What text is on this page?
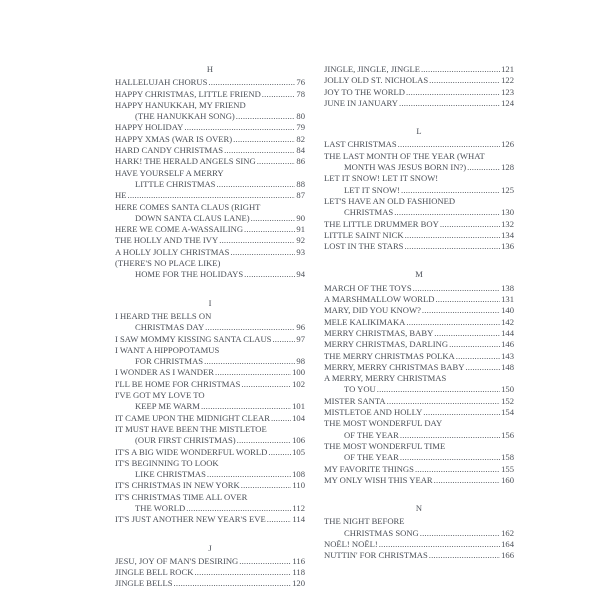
H
HALLELUJAH CHORUS .....	76
HAPPY CHRISTMAS, LITTLE FRIEND .....	78
HAPPY HANUKKAH, MY FRIEND
(THE HANUKKAH SONG) .....	80
HAPPY HOLIDAY .....	79
HAPPY XMAS (WAR IS OVER) .....	82
HARD CANDY CHRISTMAS .....	84
HARK! THE HERALD ANGELS SING .....	86
HAVE YOURSELF A MERRY
LITTLE CHRISTMAS .....	88
HE .....	87
HERE COMES SANTA CLAUS (RIGHT
DOWN SANTA CLAUS LANE) .....	90
HERE WE COME A-WASSAILING .....	91
THE HOLLY AND THE IVY .....	92
A HOLLY JOLLY CHRISTMAS .....	93
(THERE'S NO PLACE LIKE)
HOME FOR THE HOLIDAYS .....	94
I
I HEARD THE BELLS ON
CHRISTMAS DAY .....	96
I SAW MOMMY KISSING SANTA CLAUS .....	97
I WANT A HIPPOPOTAMUS
FOR CHRISTMAS .....	98
I WONDER AS I WANDER .....	100
I'LL BE HOME FOR CHRISTMAS .....	102
I'VE GOT MY LOVE TO
KEEP ME WARM .....	101
IT CAME UPON THE MIDNIGHT CLEAR .....	104
IT MUST HAVE BEEN THE MISTLETOE
(OUR FIRST CHRISTMAS) .....	106
IT'S A BIG WIDE WONDERFUL WORLD .....	105
IT'S BEGINNING TO LOOK
LIKE CHRISTMAS .....	108
IT'S CHRISTMAS IN NEW YORK .....	110
IT'S CHRISTMAS TIME ALL OVER
THE WORLD .....	112
IT'S JUST ANOTHER NEW YEAR'S EVE .....	114
J
JESU, JOY OF MAN'S DESIRING .....	116
JINGLE BELL ROCK .....	118
JINGLE BELLS .....	120
JINGLE, JINGLE, JINGLE .....	121
JOLLY OLD ST. NICHOLAS .....	122
JOY TO THE WORLD .....	123
JUNE IN JANUARY .....	124
L
LAST CHRISTMAS .....	126
THE LAST MONTH OF THE YEAR (WHAT
MONTH WAS JESUS BORN IN?) .....	128
LET IT SNOW! LET IT SNOW!
LET IT SNOW! .....	125
LET'S HAVE AN OLD FASHIONED
CHRISTMAS .....	130
THE LITTLE DRUMMER BOY .....	132
LITTLE SAINT NICK .....	134
LOST IN THE STARS .....	136
M
MARCH OF THE TOYS .....	138
A MARSHMALLOW WORLD .....	131
MARY, DID YOU KNOW? .....	140
MELE KALIKIMAKA .....	142
MERRY CHRISTMAS, BABY .....	144
MERRY CHRISTMAS, DARLING .....	146
THE MERRY CHRISTMAS POLKA .....	143
MERRY, MERRY CHRISTMAS BABY .....	148
A MERRY, MERRY CHRISTMAS
TO YOU .....	150
MISTER SANTA .....	152
MISTLETOE AND HOLLY .....	154
THE MOST WONDERFUL DAY
OF THE YEAR .....	156
THE MOST WONDERFUL TIME
OF THE YEAR .....	158
MY FAVORITE THINGS .....	155
MY ONLY WISH THIS YEAR .....	160
N
THE NIGHT BEFORE
CHRISTMAS SONG .....	162
NOËL! NOËL! .....	164
NUTTIN' FOR CHRISTMAS .....	166
